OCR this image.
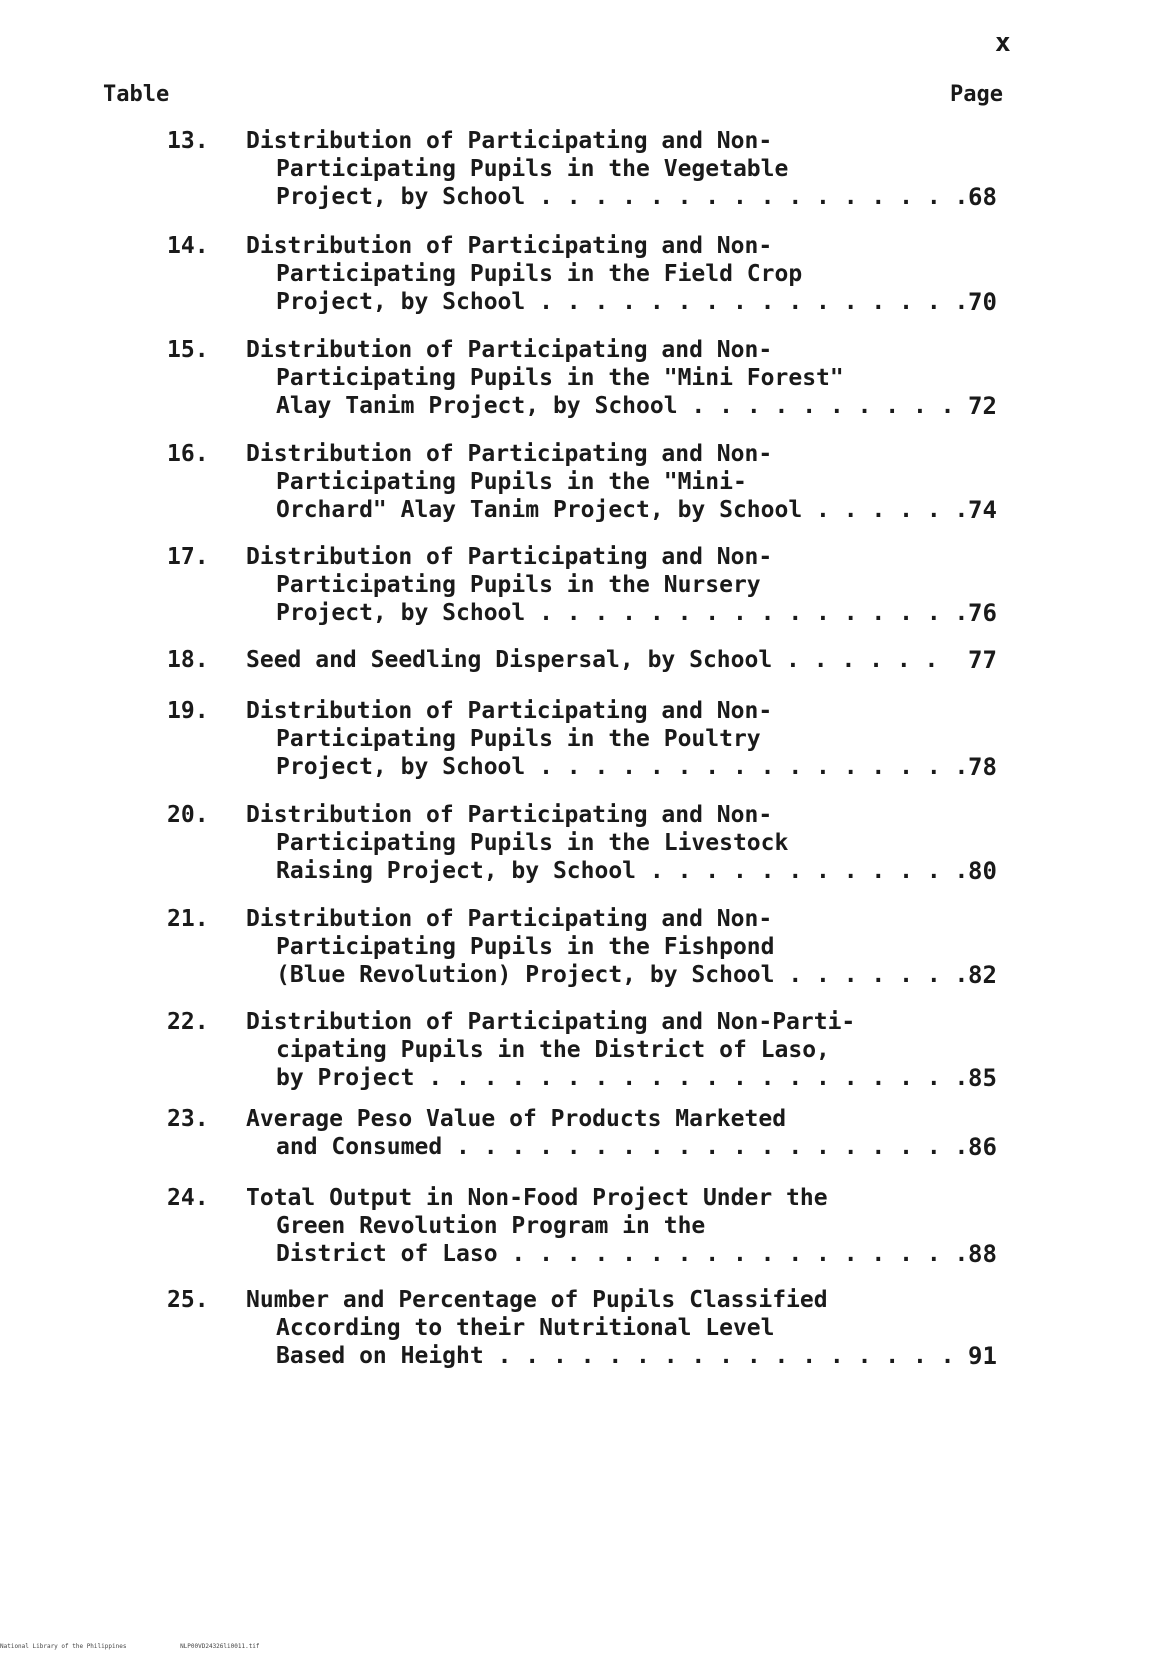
x
Table	Page
13. Distribution of Participating and Non-
Participating Pupils in the Vegetable
Project, by School . . .	68
14. Distribution of Participating and Non-
Participating Pupils in the Field Crop
Project, by School . . .	70
15. Distribution of Participating and Non-
Participating Pupils in the "Mini Forest"
Alay Tanim Project, by School . . .	72
16. Distribution of Participating and Non-
Participating Pupils in the "Mini-
Orchard" Alay Tanim Project, by School . . .	74
17. Distribution of Participating and Non-
Participating Pupils in the Nursery
Project, by School . . .	76
18. Seed and Seedling Dispersal, by School . . .	77
19. Distribution of Participating and Non-
Participating Pupils in the Poultry
Project, by School . . .	78
20. Distribution of Participating and Non-
Participating Pupils in the Livestock
Raising Project, by School . . .	80
21. Distribution of Participating and Non-
Participating Pupils in the Fishpond
(Blue Revolution) Project, by School . . .	82
22. Distribution of Participating and Non-Parti-
cipating Pupils in the District of Laso,
by Project . . .	85
23. Average Peso Value of Products Marketed
and Consumed . . .	86
24. Total Output in Non-Food Project Under the
Green Revolution Program in the
District of Laso . . .	88
25. Number and Percentage of Pupils Classified
According to their Nutritional Level
Based on Height . . .	91
National Library of the Philippines	NLP00VD24326li0011.tif
